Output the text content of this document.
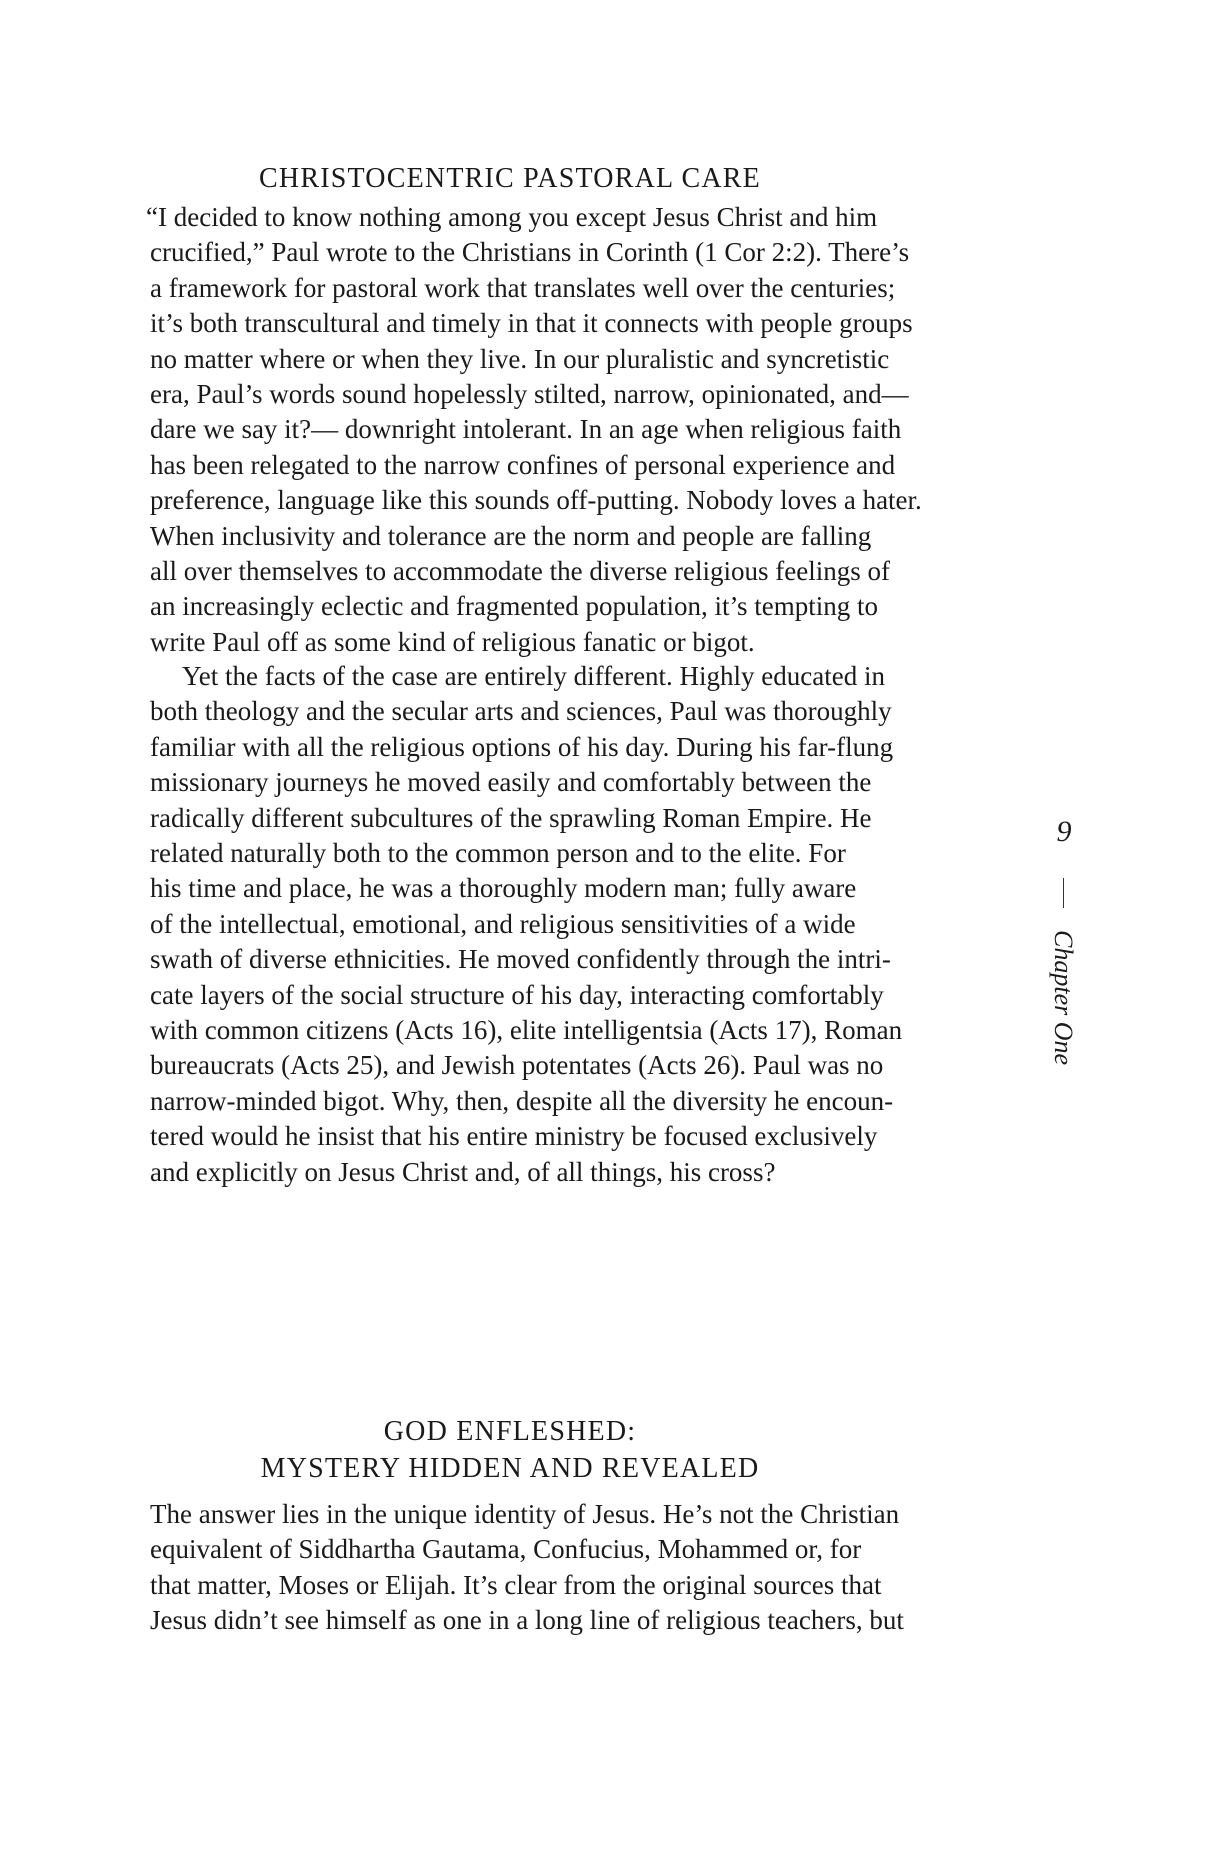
CHRISTOCENTRIC PASTORAL CARE
“I decided to know nothing among you except Jesus Christ and him
crucified,” Paul wrote to the Christians in Corinth (1 Cor 2:2). There’s
a framework for pastoral work that translates well over the centuries;
it’s both transcultural and timely in that it connects with people groups
no matter where or when they live. In our pluralistic and syncretistic
era, Paul’s words sound hopelessly stilted, narrow, opinionated, and—
dare we say it?— downright intolerant. In an age when religious faith
has been relegated to the narrow confines of personal experience and
preference, language like this sounds off-putting. Nobody loves a hater.
When inclusivity and tolerance are the norm and people are falling
all over themselves to accommodate the diverse religious feelings of
an increasingly eclectic and fragmented population, it’s tempting to
write Paul off as some kind of religious fanatic or bigot.
Yet the facts of the case are entirely different. Highly educated in
both theology and the secular arts and sciences, Paul was thoroughly
familiar with all the religious options of his day. During his far-flung
missionary journeys he moved easily and comfortably between the
radically different subcultures of the sprawling Roman Empire. He
related naturally both to the common person and to the elite. For
his time and place, he was a thoroughly modern man; fully aware
of the intellectual, emotional, and religious sensitivities of a wide
swath of diverse ethnicities. He moved confidently through the intri-
cate layers of the social structure of his day, interacting comfortably
with common citizens (Acts 16), elite intelligentsia (Acts 17), Roman
bureaucrats (Acts 25), and Jewish potentates (Acts 26). Paul was no
narrow-minded bigot. Why, then, despite all the diversity he encoun-
tered would he insist that his entire ministry be focused exclusively
and explicitly on Jesus Christ and, of all things, his cross?
GOD ENFLESHED:
MYSTERY HIDDEN AND REVEALED
The answer lies in the unique identity of Jesus. He’s not the Christian
equivalent of Siddhartha Gautama, Confucius, Mohammed or, for
that matter, Moses or Elijah. It’s clear from the original sources that
Jesus didn’t see himself as one in a long line of religious teachers, but
9
Chapter One
